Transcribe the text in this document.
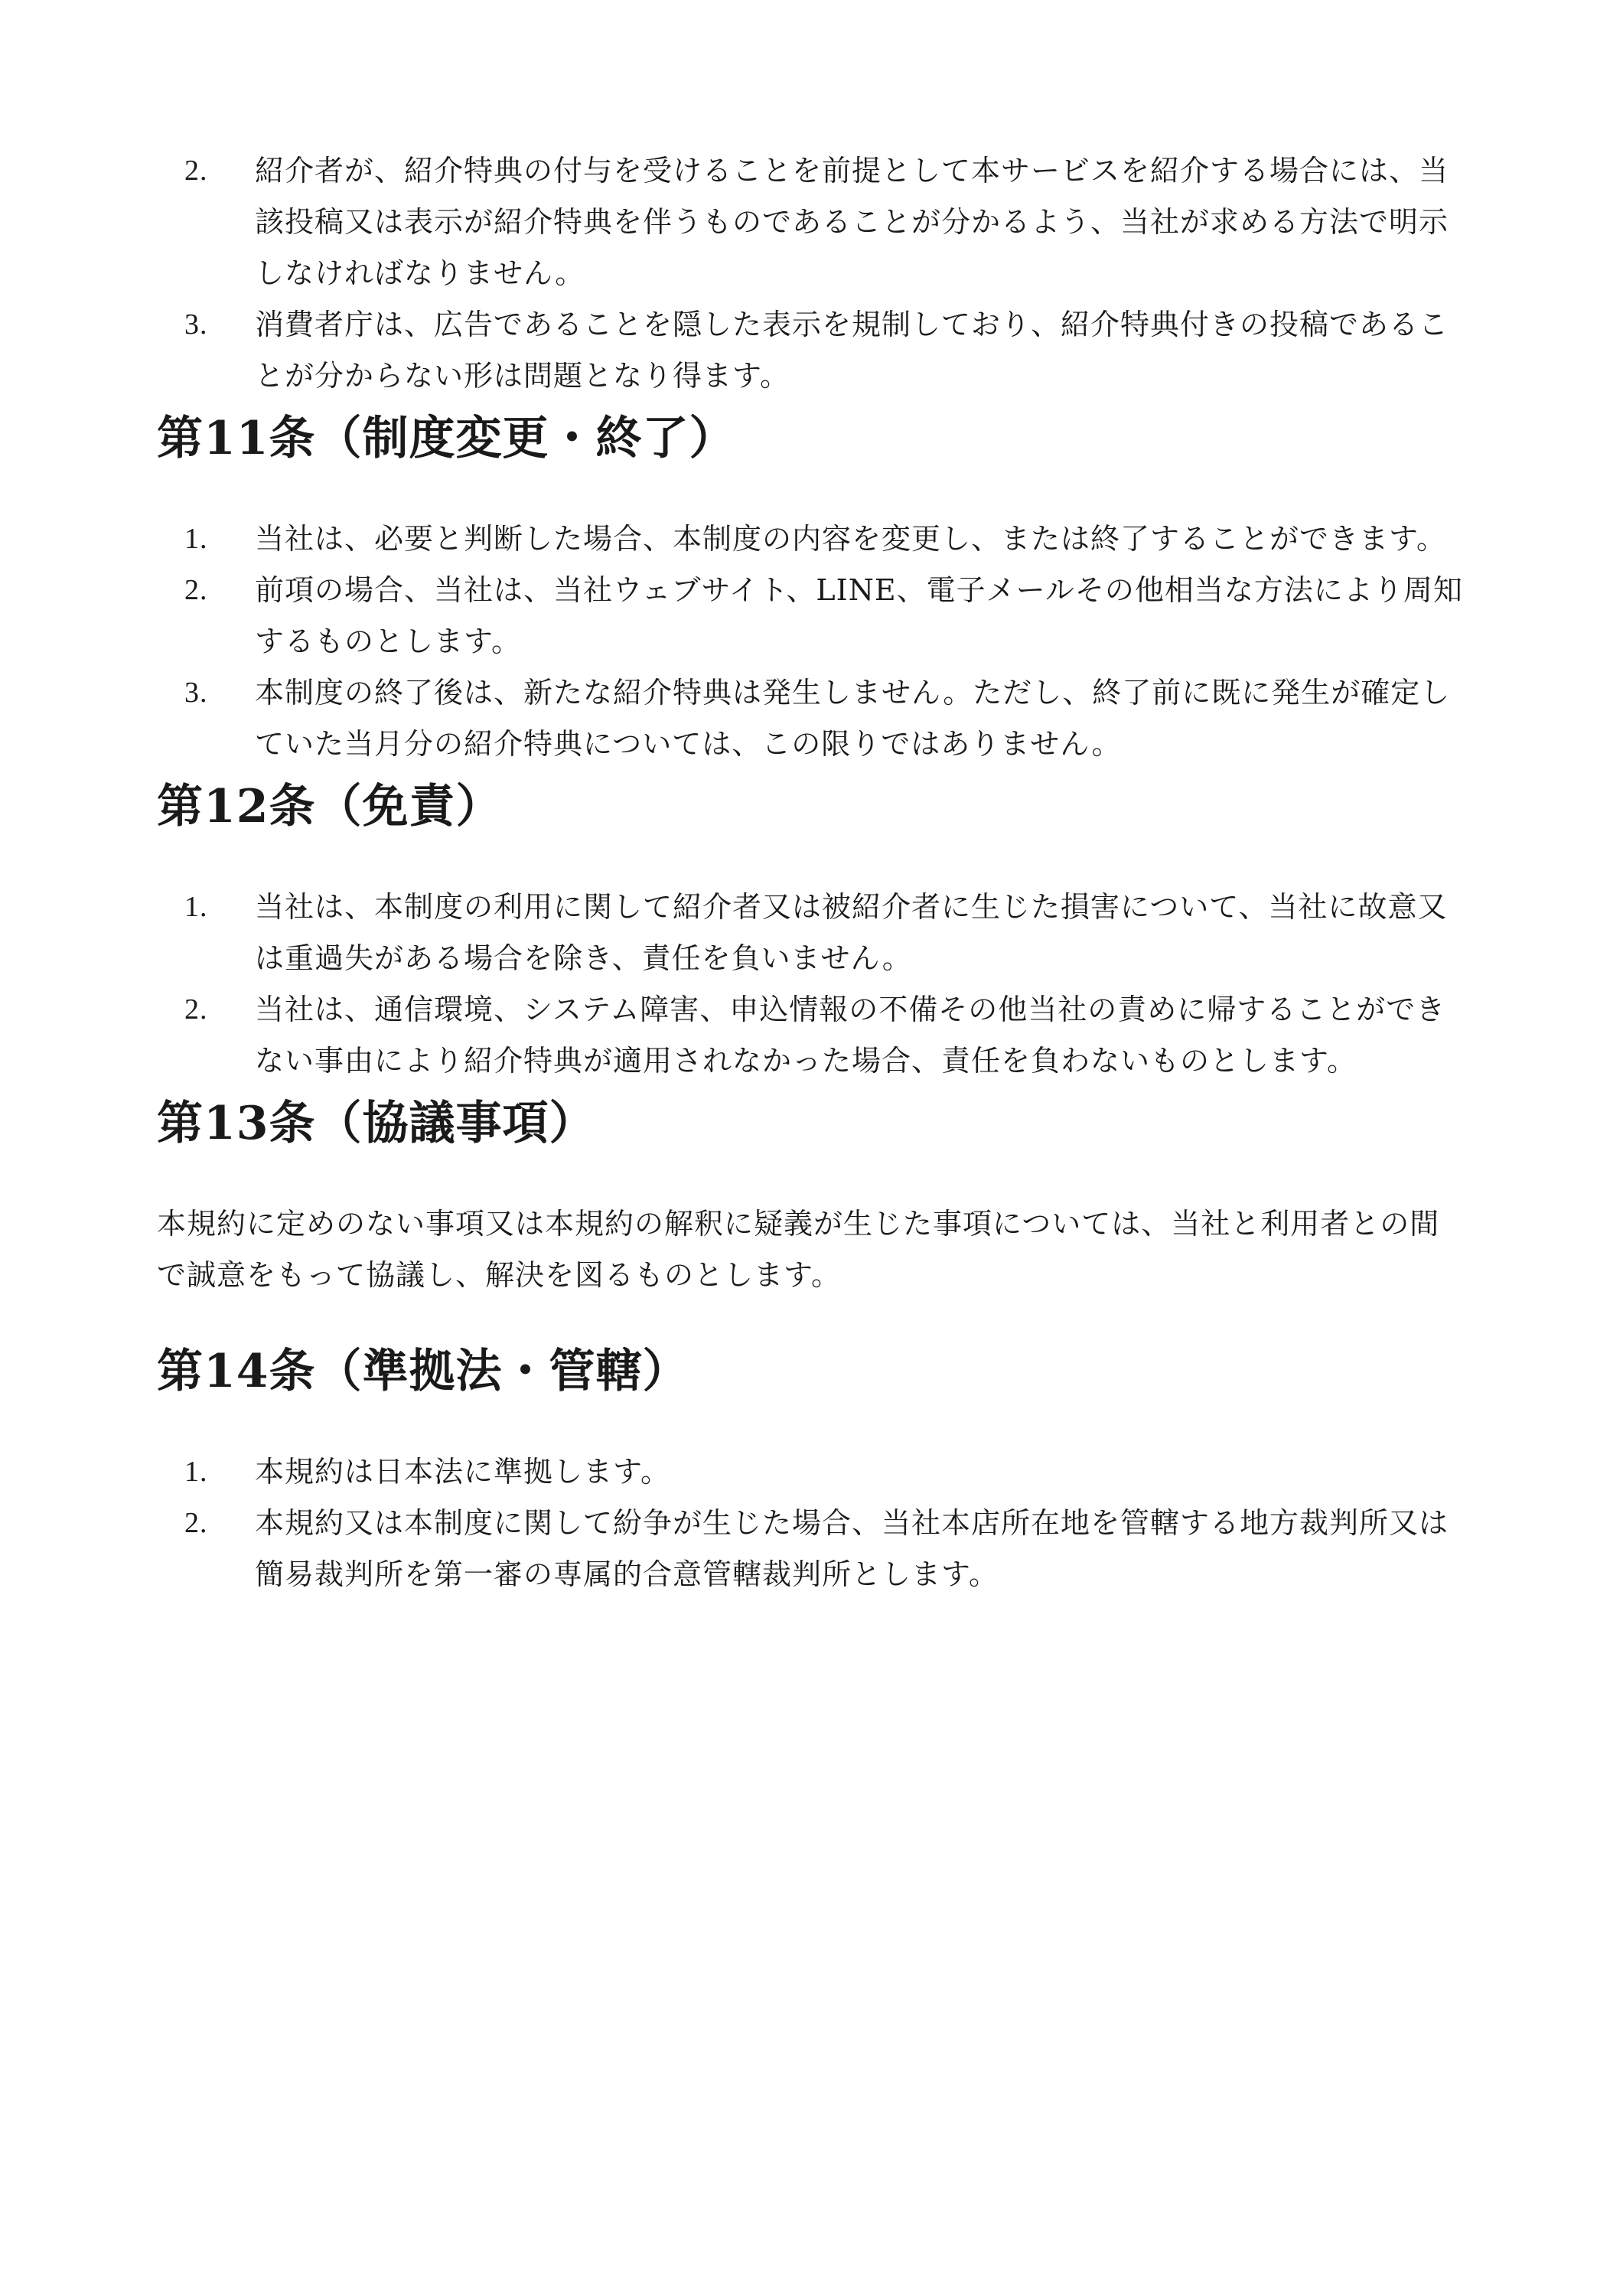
2. 紹介者が、紹介特典の付与を受けることを前提として本サービスを紹介する場合には、当該投稿又は表示が紹介特典を伴うものであることが分かるよう、当社が求める方法で明示しなければなりません。
3. 消費者庁は、広告であることを隠した表示を規制しており、紹介特典付きの投稿であることが分からない形は問題となり得ます。
第11条（制度変更・終了）
1. 当社は、必要と判断した場合、本制度の内容を変更し、または終了することができます。
2. 前項の場合、当社は、当社ウェブサイト、LINE、電子メールその他相当な方法により周知するものとします。
3. 本制度の終了後は、新たな紹介特典は発生しません。ただし、終了前に既に発生が確定していた当月分の紹介特典については、この限りではありません。
第12条（免責）
1. 当社は、本制度の利用に関して紹介者又は被紹介者に生じた損害について、当社に故意又は重過失がある場合を除き、責任を負いません。
2. 当社は、通信環境、システム障害、申込情報の不備その他当社の責めに帰することができない事由により紹介特典が適用されなかった場合、責任を負わないものとします。
第13条（協議事項）

本規約に定めのない事項又は本規約の解釈に疑義が生じた事項については、当社と利用者との間で誠意をもって協議し、解決を図るものとします。

第14条（準拠法・管轄）
1. 本規約は日本法に準拠します。
2. 本規約又は本制度に関して紛争が生じた場合、当社本店所在地を管轄する地方裁判所又は簡易裁判所を第一審の専属的合意管轄裁判所とします。
